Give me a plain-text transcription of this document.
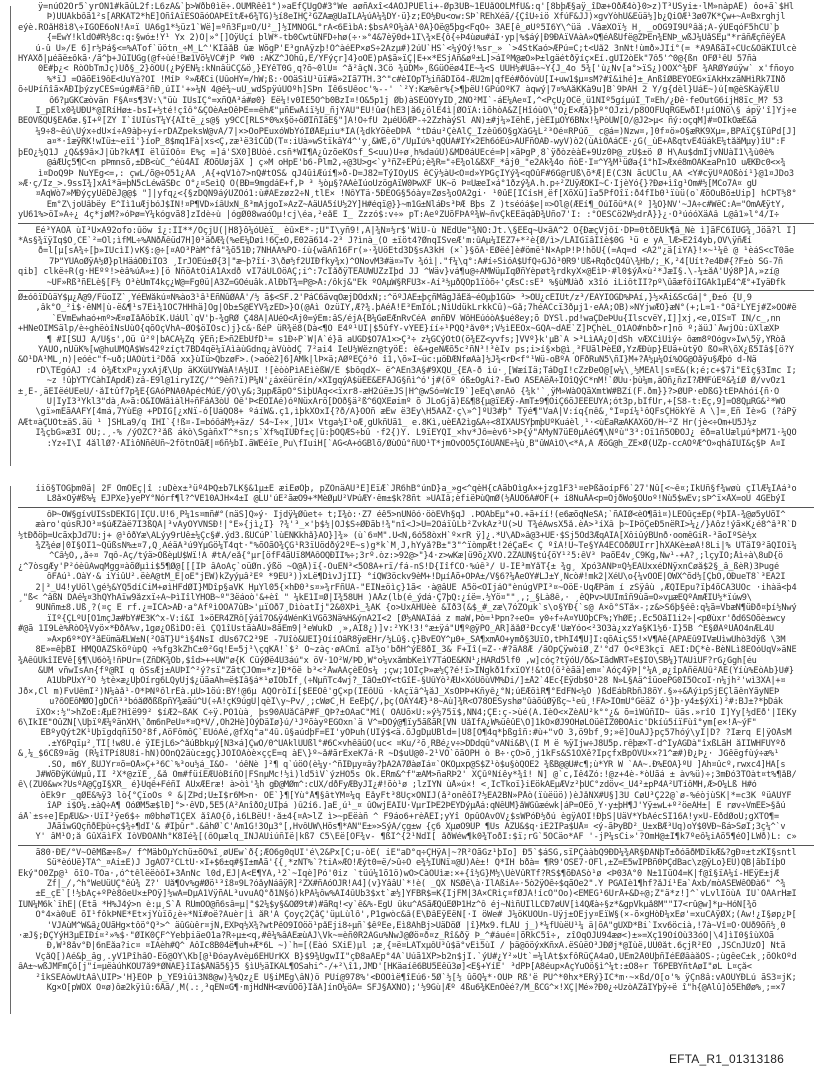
ÿ=núÒ2Ôr5`yrÓÑ1#kãûL2f:L6zA&`þ>Wðb0ìë÷.ÓÚMRêê1°)»aËfÇÜgÖ#3°We aøñAxî<4ÁOJPUÈli+-Øp3ÚB~1ÉÙåÕÔLMfÛ&:q'[8bþÆ§aÿ_îDæ+ÕðÆ4ò}0>z)T³USyi±·lM»nàpÂË) ôo+ã`$Hl
Þ)ÚÜÂkbôã1²s[ÂRKÃT2*hÈ]ÓñîÂïËSÒãóOÁÞÊîtÆ+6¾TG)½í8eÎHÇ²GZAæ@UaILÄ¼úÀ¼¾DY·ü}z;EÒ½Ðu<ow:SÞ`RÈhXéã/{ÇîÚ÷iö XfúF&JJ)×gvÝòhÛ&Ëüä½]b¿QiÒÆ¹3ø07K*Çw+~Â¤Bxrghjl
eýè.RÕåH8ì8\÷IGÕE6oN!Â¤ï ÛÁ6g1*½üz1`Wë]=ºñ3Fµ¤Ò/U²_]½ÎMÑÔGL°rÁ<6ËìbÂ:$bsAºO¼àÂ¹0A}Õë@5þg<FqÔ÷ 3ÄE[ê_øUº5Í6Ý\^üä .VâæXÔï½ H¸ _oÖG9Ì9Ùºâå;À-ýÜÈqóF5hCU`þ
{=ËwÝ!kldO#R½8c:q:§wó±!Ý¹ Yx 2)Ö|»°[]ÒÿÚçí þlW*-tb0CwtüNFD÷hø(÷·»°4&7èÿ0d+1I\¾×È{ô{÷Þ4ùøu#áÌ·yp|%$áý|Ð9ÐÄïVÃàÀ»Q¶éÃßÙfë@ZÞÊn¾ÉÑÞ_wßJ¼ÛåSÉµ"*râñÆçñëýÈÁ
ú-û U»/Ë 6]r½Þá§<=%ATof`üötn_÷M_L^'KÍãåB ûæ WõgP'É³gnÂÿzþ!Ó^àéËP×øS÷2Ázµ#)2úÜ`HS`<¼ýÕý!%sr_» `>4StKaó>ÆPú=C;t<Üå2 3nÑt!ùmð»JÍí°(= *Ä9ÅßãÏ÷CÛc&OäKIÚlcè
HÝÃXð|µéãë±ôkã·/ã^þ+JûÌÚGg(@f÷ùé!Bæ1Võ¼VC#jP ºW0 :ÄKZ^JÖhû,Ë/ÝFýçr]4}oÖE)pÀ$ã»ïÇ|É+×*ESjÄñ&øº±L]>áÏºM@æÖ»Þ±lgäétðÿíç×Eí.gUI2òÈk"7ô5'^0@{ßn OFØ¹êÙ 57ñà
0Ë#þ¿< RòÒbTmJç)Uð§_2}ôÔÜ(¿ÞýÈÑ¼:kNnâüCÇ&ö¸}ËÝêT0G¸q?õ~0lÛ¤ ^å²âçÑ.3Cö ¾üDM»¸ßGüÔëø4ÍË~¾<S ÛÛH½#Ùã÷~Ý{J_4o 5¾['ù¿Ñv[a°>ïS¿)ÔÕX^¾ÐF ¾ÄRØÝøúÿw` x'fñoyo
%*ïJ =ÒâõEì9ôÉ<ÛuÝà?ÖI !MíÞ º»ÆÆCi(ÙûoHY=/hW;ß:·ÒÕäSìÙ¹üï#ã»2Îã7TH.3^"c#èIÔpT½iñãDÏö4-ÆÛ2m|qfÈé#ðóvùÛ[Ï+uw1$µ¤sM?#î&ìhé]±_ÀnßîØBÉYÖËG×ïAkHxzãÑHìRk7ÌÑð
õ÷UÞíñîã×ÅÐÎþýzyCÊS=úg#Æã²ñÐ¸úÍÍ'+»¼N 4@é¾~uU_wdSpÿúÜÕºh]SÞn Íê6sÚêoc'%--' `²Y:Kæ%êr%{>¶þëÙ!GPúÔºK7 àqwý|7¤%ÄåKKà9u]B`9ÞÄH 2 Y/g{dèl}UáÊ~)ú[m@èSKàÿÆlÜ
ô6?µGKCæòvän F§Á¤s¶3V:\"üù ÌÜsIÇ°=xñQÁ³á#ø0} Eë¼!v0ÏÊ5Ó^b0BzÎ¤!O&5p1j Øb)àSÉûÖÝyÏD¸2ÑÕ²MÍ`-áÉ¼Ãe¤Í,^<PçÛ¿ÓCë¸ü1NÏº5gíµúÎ_T¤Éh/¿Ðê·feÖutG6íjH8ïc_M? 53
Î_pÈlx0¾UÐÜ*@ÏRíHø±-bsI+½té!çîô°&ÇÓèÂ±ÕêÞÊ==êhÆ"µñÈwÅíï½Ù_ñjYÀÙ"ÉÜ!ûø(hÉ3|å6¿ölÊ4ì|ØOïÁ:ìõhòÁ&Z[HîóùÒ\"O¿È×Æå}þº°ÖJzì/p8ÖOFUqRGÊwðÎ!µíÓNö\§ ápÿ'î]Yj÷e
BÉÒVßQÜ§ÉÂ6æ.§Í+º[ZY I`îÛÌùsT¼Ý{ÁÎtë_¿s@§ y9CC[RLS*0%x§ö÷öØÌñÍãÊ§"]Ã!Ò÷fÜ 2µéÛôÆP-÷2ZzhàýSl ÄÑ)±#j¼»IëhE,jèEIµOY6BÑx!¼PòÚW[Ó/@J2>µ< ñý:oçqM]#¤ÒÏkOæÈ&ã
¼9÷8~êú\Ûýx÷dU×í÷Â9àþ÷yí÷rDÄZpeksW@vÄ/7|×>ÖoPÉuxóWbYóÍØÅÈµiu*ÎA(¾dkYöêeDÞÅ °tDáu²ÇèÂlÇ_Izèû6Õ§gXàG¼L²³Óé¤RPúõ_ c@á=)Nzw¤,]0f¤ö»O§æRK9Xµ=,BPAïÇ§ÏûPd[J]
a¤*·îæÿRK!wÌü±~eïî'}íoP_8$mq1Fà|xs<Ç,zæ¹ë3îCûD(T¤:iÛà»wStïkâÝ4^'y¸&WË,ö"/ÜµÎú%¹qQÜÄ#IY×2Êh6óEú>ÄUFñÔÂÐ-wyV)ò2(ùÃìÖÂáCÈ·¿G(_ùÊ+AßqtvÊ4üákE¼tååMµy)îÛ":F
þËÒ¿½Q1J ¿Q&$9â×J|üb?kÀ¶Î ëlûïÕô¤ É%ç =]á'SX0]BUòé.csñ*WÎ¶À¿ûzõeKÒsf_S<uu)Ù÷ø¸h%daúÜ)&MD0áÚÉcé=Þ|×ãÞgP¸8`ÿðòzèàË+9Üz0Þ@_zÚ$±ö Ø H\Ãu$dmÎjvÑÜàI1\¾ù0è%
@áÆÚç5¶C<n pÞmnsõ,±DB<ùC_^éû4ÅI ÆÖõÙøjãX ] ç»M oHpE'b6-Plm2,÷@3U>g<`y³ñZ÷ÉPú;è¾R="÷E¾ol&ßXF_*âj0_"e2Ak¾4o ñòÊ·I¤^Ý¾M¹üØa{î°hI>Æxé8mÔAK±aPn1Ò uÆKÐc0<×¾
ì¤DoQ9Þ ÑuYËg<=,: çwL/õ@÷Ó51¿ÀÂ ¸Ä{+qV1ò7>nQ#tOS& qJ4ûìÆúí¶»ð-D=J82=TýÏÒyÚS êCÿ½àU<Ö¤d»ÝÞGçÎÝý¾<qÕûF#6G@rÚß\õ*Æ|Ê(C3Ñ ãcUClu¸ÀÃ <Y#cÿÛºÃÔßòí¹}@1¤JDo3
»Æ·ç/Ìz_>.9ssI¾]xÄî*ä=þÑ5cLéwãSÐc Ô°¿¤SeìQ Õ(BÐ=9mgdáE+f,Þ ³ ½òµ§?ÄÁèÏúoÙzögÃïW0ÞwXF ÛK~ö Þ¤ÜæeÏ×á°1ðzý¾Ã.h.p÷²ZÜÿÆÖKÎ~C·ÍjèÝó{}?Ðø+ìîg¹Öm#½[MCo7Ã¤ gÚ
¤ÅqWò7»MÐýçyÚëDëJ@@$ "]|yfq¿<{§zDQN9áýÙZÕó1:ù#ÁÊzøz2÷Ñ¸tlÊ× !ÑôYTä·5ÐÊOG§5óày¤Zøs¾oÔÂ2gi· ¹0ûE[ICísH¸ëf[XõXü]ïa5PfÕîï:ð4fÌb0¹ïùü(o`ÆõÔuBõ±Üip] hCÞT½8°
Em°Z\joÛâbëy Ê^Îì1uÆjbóJ$ÌN!¤P¶VD»íâUxN_ß³mAjgoÎ»ÂzZ~ÂäUÀ5íU½2Ý]H#éqï@}}~m1G±ÑláÐs³ÞÆ Bþs Z )tséóá$e|¤>Õl@(ÆÈí¶_ÒúÍõû*À(º ]¾Ò}NV'~JÄ÷c#WëC:Ã="ÕmÃÆÿtÝ,
yÜ61%>öÍ»Â÷¿ 4ç*jøM?»óÞø=Ý¼kógvã8]zÌdè÷ù |ógØ08waóÖµ!cj\éa,²eåE I_ Zzzó$:v÷» pT:ÂeºZÙõFÞÁº¾W~ñvÇkÈÊäqâÐ¾Üño7'I: :°ÒÊSCö2W½drÅ}}¿·Ó³úóóXäÃâ L@â1»l°4/Ï÷
Êé³ÝÁÒÅ ùÍ³Ù×A92ofo:ûöw î¿:IÏ**/ÔçjÚ(|H8}ô¼óÜèï_ èû×Ê*-;Ú"I\yñ9!,A|¾Ñ¤½r$'WìÚ-ù NÉdÜe"¾ÑÔ:Jt.\§ËÈq~Ù×âÁ^2 Ó{ÐæçVjôí·DÞ=0tðÉÚk¶â_Ñè ì]ãFC6ÌUG¾¸Jöã?l Ï]
*As§¾ïÿÍq$O¸CÊ`²=Ôl;ìfML÷%ÅNðÅêüd7H]0³äðÆ¾(%eÈ¼Døì!6Ç±Ò,Ê02ä614-2³ J?ìnà_(Ó ±ïöt4?ØnqÎSveÆ'm:ûAµ¼ÌÉZ7+*²è{Ø/ì>/LÅIGïâÌîè$0G ¹ü e yÄ_lÆ>È2î4yb,ÒV\ÿñÆí
ð=l[µ[sÂ¾÷[þ»ÎÚcìÍ)vK§:@÷[¤ÂÕ³PàM^fâ"¾õ51Ð;7NHÀÃ%PÕ-íù{wãÃñ16Fr(»·¾ÛöÊtd3D§sÁ3kH (×`}§õÁ·ÊØëé]è#ömë¹Ñ×ÃpÞ!Þ!hõU{(=Ãq=d <A2"¿ä[iÝÂ}!×~¹¼ê @ ¹èáS<cT0ãe
7Þ"ÝÙÀoØÿÁ½Ø}plHäáÔÐiÎÖ3 ¸IrJÒEú±Ø{3|"æ~þ?îí·3\ðø½f2ÙÏÐfky¾x)^ÓNovM3#ä¤»Tv ¾óì|."f¼\q°:A#í÷SìóÄ$ÙfQ÷GJô³0R9'Uß+RqðcQ4û\¾Hb/;_K,²4[Üít?e4Ð#{?F±ò SG-7ñ
qib] clkë÷R(g·HÈºº!>èâ%úÅ»±)[ö NñöÄtÒiÀ1Âxdð vÏ7áÙLÔöAÇ;i^:7cÎåðÿTÈÅÙWUZzÎþd JJ ^Wäv}vá¶u@÷ÁMWüµIqØñYèpøt¾rdkyX×@ËìÞ·#l0$ýÅ×ù²*JæÍ§.\-¼±åÄ'Ùý8P]Â,»zí@
~ÛF»Rß³ñÊLè§[F½ Ó³èÛmT4kç¿W@=Fg0ü|À3Z=GÓéuâk.ÄlÐbT¾=P@>Å:/ôkj&"Ek ºÖAµW§RFÛ3×-Àí³½µðQOp1ïòõ÷'çÆsC:sE³ %§ùMÚàð x3îó iLiôtÍÍ?pº\ûãæfôíIGÂk1µE4^Æ°+ÏyäÐfk
Ø±óôïDûäÝ$µ¿Å@9/FüoÏZ`¸YéÊWåkú¤Ñ%ào3¹â¹ÈñNûØÀÅ'/½ ã$<SF.2'PáC6ävqOæjDÒdxÑ;:^öºJAÉ±þçñMâgJåËå~éÒµþ1Gû> ³>ÓÛ¿cËÎUt/z³/ËÄÝÍOGD%ÞÂí,}½×Åi&ScGá|°¸Ð±ó {Ü¸9
,âk°Ò_²ì$·êNM|ù-ë&¶¹s7Eì¾1ÒC7HHhä]Og|Ôb±S@ÉÝV¾zÊD>}Ò(@Âì ÕzüÏY,Æ?¾.þÂéÅ!Ë³ÉmÌóL;NìÛdükLrkkCû)~Gå;7héACcï3ðµj1·eÄÃ;ÓB)»NÝjwÆÒ}æN°(+;L=1·°Òã²LYÈj#Z»ÖÕ#ë
`ÉVmÈwhaó+mº>Æ¤øÌåÅöbîK.ÙáÜl`qV'þ-¾gRØ Ç48Á|ÄUéÔ<Åj0=ýÊm:âS/éjÀ{B¼GøÈÆnRvCéÀ ønñÐV WôHÈúóòÃ$ué8ey;õ DYSl.pd!waÇDeÞÚu{ÌlscvëY,Î]]xj,<e,ÖÎS¤T IN/c_,nn
+HÑeÕÎMSälp/è÷ghëòîÑsÜùÓ{qõÕçVhÃ~ØÖ$öÎÔsc)j}c&·ßéP üR¾ë8(Dà<¶Ô É4º¹ÚÍ|$5ûfY-vYÈÊ}íí÷¹PQQ³åv0*;V½ìÉÊÖx~GQÄ~dÃÉ`Z]ÞÇhèL_O1ÄÕ#nbð>r]nö º;åüJ`ÅwjOù:ûXlæXÞ
¶ #Ì[SÛJ Ä/Ù§s',Óü û²º|bACÁ¼Zq ÿËñ;Ê>ñ2ÈbÛfD¹= s1Ð÷P`W|A`é}ã aÙGD$Ó7Á1×>Ç³÷ z¼GCýÔtO(ö¾EZ<yvfs;]VVº}k'µB`Â >³LìÂÄ¿Ö|dSh vÆXCìUìý÷ ôæm8ºÓógv»Iw\5ÿ,ÝRòå
YAÙÕ,nÙüK%[w@huÛMQÅ$Ws42ºzíçt7BD4që¼ïÂìàùGdnq¿àVùòdÇ 7²ai4 ÏeÚ½Wëzn@työE: è&+geNÆõ5c²ñN³!³èÏv ps;i>í§×b@ì¸³FÙãlÞèËØ,ÝzÆÐùp}ÉÚä+ùtÿÒ ßÒ»R\õX¿ß5Iâ$[ö?Y
&Ò¹DÃ¹ML¸n)|eóéc"f~uð;ÚAÓùtì²Dðã xx}ùIü>QbzøF>.(>aóè2]6]ÂMk|lÞ×ä;ÃØºÊÇó³ó î1,\õ»Ï~üc:µöÐÆNføÂà]½J¾<rÐ<f°¹Wü-oBºÁ ÖFðRuN5\ñI}M+?Å½µ¼Ôí%ÖG@Ôåÿu§Æþó d-Ñä
rD\TEgóÃJ :4 ò¾ÆtxP¤¿yxÄjÆ\Úp äKXüÜÝWàÅ!Ä½ÛÌ ![èòòPìÃÊìèßW/É $bôqdX~ ë^ÂËn3Á§#9XQÛ_{ÉA-ð ìú·¸[WæíÏä;TáDgÍ!cZzÐeÔ@[w¼\¸½MÊÃl|s¤E&(k;é;c+$7i"Èîç§3Ímc Í;
~z !ûþÝTÝCàhÌÂpdÆ)zâ-Ë9l@1iryIZÇ/°^9èñ?ï)P¼Ñ'¿áxëürëín/×XIgqýÀ$üËË&ÊFÀJG§ñì^ó'j#(õº óß±OgÄi?-EwÓ ÀSÊÄëÅ÷ÌÕîQýC*nM!`ØUu·þù¼m,âÓñ¿ñzÌ?ÆMFúÉº&¾íØ Ø/vvÒz1
±¸Ë-¸äËÌëéUËeÜ/·åÎtûf7p¾Ê{GÃóPNÀ0ÃpécMúÊ/ýO\y&;3µpÆãpÖ°SìþUÅq<<ïxr8-æH2úë±JS|H^@wSó=WcI9`]eÊq\ønAô {¾k'`¸ÿM»WàÒQãXmtW#BZí(F.ðm}}?>ØÛP·eDßG}tEÞÃhóí{ñ·Ô
Ù|ÎyÍ3³Ýkl3"dà¸Â»ã:Õ&ÏOWâìàlH÷ñFáÃ3òÚ Õê'Þ<ÈÕÏAé)óºNüxArö[DÕð§ä²ß^6QXËøimº õ JLoGjã)E&¶8{µ@ïEÆÿ-AmT±9¶ÖiÇ6õJÉËËUÝÃ;ót3p,bÍfÙr,+[S8-t:Eç,9]=O8QµRG&²*WO
\gï»mËãAÃFÝ[4má,7ÝùE@ +PDÌG[¿xNï-ó[ÜáQÒ8+ ºáíW&.ç1,ìþkXÖxÏ{?ð/Ã}ÓÓñ æÊw ë3Ey\H5ÀÃZ·ç\»^]ºÙ3#þ" Tÿé¶"VaÀ|V:íq{nê&¸°Î¤pí¼¹ôQFsÇHökÝë À \]=¸Ëñ Iè»G (?áPÿ
ÂÆt¤àÇÙÓt±äS.ãü ¹ ]SHLa9/q IHÌ`{!ß¤-Ì=bóôáM½+äz/ S4~Î÷×¸]Û1× Vtga½Î¹oÆ¸gÛkñÚã1_ e.8Kì,uèËÅ2ìg&Â÷<8ÌXÄÜSYþmþUºKuáèl¸¹·<ùEaRæÃKÄXöÕ/H~²Z Hr(jè<÷Óm+Ü5J½z
Î¾çbG»æ3I ÔÜ;.¸-% /ýÓZC?²åß ákò\SgàñxT^*sn;s`Xf%qÌÙÐf±ç|ü:þÕQÆS÷bû ·f2{)Ý. L9ïÈYQÌ_×hv*Jô=èv6¹>Þ{ý"ÃMyÑ7üÊ0µÀéG¶\Ñºù"3³:Òï1ñ5ÓÐÕJ¿ ëð=alÚælµú*þM71·¼QÒ
:Yz÷Î\Ì 4ållØ?·ÅÌìôNñêÛñ~2fötnOãÆ|¤6ñ½bÌ.ãWÊéïe¸Pu\fÏuiH[`ÂG<Â+óGBlõ/ØùÖû°ñÚO¹T*jmÖvÕÓ5ÇIóÜÅÑÈ÷¼ù¸B"ûWÀìÒ\<*Â,Ã ÆöG@h_ZÉ×Ø(UZp-ccÂÖºÆ^Ô»qháÏÚÍ&ç§Þ Á¤Í
íiö§TÔGþm0ä| 2F ÓmÔÈç|î :uDèx±³üº4ÞQ±b7LK§&1µ±Ë æiEøÔþ, pZOnäÄÚ³É]ËïÆ`JR6hB°únD}a_»g<^qèH{cAãbÕìgÁ×+jzg1F3¹¤eÞßåoípF6`27'Nû[<~ê¤;ÎkÛñ§f¾wøù çÍlÆ¼ÏAá³o
L8å×Öÿ#ß%¼ ËJPXe}yePY°Ñórf¶l?^VÉ10ÀJH×4±Î @LÚ'úE²ãæÓ9+*MèØµÛ²VÞúÆY·êm±$k?8ñt »ÚÁÌâ;èfiëÞùQmØ(½ÅÙÒ6Â#ÒF(+ í8NuÅÄ<p=ÒjðWo§ÖÙoº!Nù5$wÈv;sÞ^ï×ÅX=oU 4GÈbýÎ
ôÞ~ÓW§gívUISsDÈKÎG|ÎÇU.Û!6¸P¼1s¤mñ#°(näS]Q»ý· Ìjdÿ¼Øûet÷ t;Ï¾ò:·Z7 éê5>nÜÑôó·öòÈVh§qJ .ÞÒÀbEµ°+Õ.+ã+íí!(e6æõqÑeSÄ;`ñÄÏØ<èÒ¶ãì¤)LEOûç±Êp(ºþIÅ-¾@ø5yÛõI^
æàro'qúsRJÕ³¤$úÆZàë7Ï3ßQA|³vAyÓÝVÑSÐ!|°É»{jì¿I} ?¾'³_×'þ$½|ÓJ$S÷ØÐãb!¾"nî<J>Û=2ÔáïûLb²ZvkÁz³Ù(>Û T¾éÃwsX5å.èÂ>³íXâ þ~ÏÞöÇeÐ5nëRI>¼¿/}Àôz!ýã×K¿é8^â³R`D
½tÐðöþ=UcãxþJd7Ú:j+ @¹ôðYæ\ALýy9rUê±¼Çc§#.ýd3.ßÛCúP`lùÊNKkhå}ÂÔ}]¾» (ù`6¤M".Û<N,6ó58òxH`º×rR ÿ]¿.*Ù\ÂD»â@3+ÜÈ·$Sj5Ód3ÆqAÌA[XôiûýBÙnð·oomêGiR-³ãoÎºSè½x
¾Z¾éø|0Í§OÏ1~QüßsN%±¤7,Q¸AéäA³ú9YµGö¼T4qt·"%õÕãÖ¾ÇG¹R3ïÚödðý2ºÈ~s)g*k`M¸J,hYyå?B±"3"^ïòmpÆt!2éÇaE< Ç ºîÂ!Ù~Te§ÝÁ4ÈCOðØÜÌrr]hXÂKè±øÁ!8Li|% UTäI9²ãQÏÕï¼
^Câ½Ó,,å÷¤ 7qô-Äç/týä>ÒßèµÜ$Wï!Ã #tÀ/eå{°µr[öfF4ãÜï8MÄôÔQÐÎI%÷;3rº.òz:>92@>"}4·z>wKæ|ü9õ¿XVÒ.2ZAUN§tú{öY¹²5:êV³ ÞaõË4v¸C9Kg,Nw¹-+Ã?¸;lçyÏÔ;Åì÷à\8uD{ö
¿^7òsgÆy'P²óèûÁwqMgg¤àõØµìi$5¶Ø@[[[IÞ âÄoÃç`oüØn.ýßö ~Ò@Å)ï{-ÔuEN³<5Ö8Ã+rï/fá-nS!D{ÌîfCÖ·%úê³/ U-ÌÈ³mYåT{± ¾g¸ Xpó3ÄNÞ¤Q½ÊÁÛxxéDÑÿxnCøå$2§_â_ßèR)3Þugé
ôFÁú¹.ÔàÝ·& iÝiûÚ².ëèA@tM_E|oÉ"jÊW)kZyýµâ²Éº *9ÊÙ³))xLë¶DìvJjÏÍ} °íQW3öckv9èM+!DµíÅõ+ÔÞA±/V§6?¼ÅeÕÝ#LJ±Y¸Ñcò#!mk2|XéÜ\o{¼vOÒÊ|ÖWX^õd½[ÇbÖ,ÓÐueT8`³ÈÄ2Í
2|³_Ù4!yÚöl\gé½&YQ5díCiM+øìHFdØÌ}MDîp§aVK HµÝl05{×hÐ0³s¤»¾rFñÛÁ-"ËÍÑ±öìç}1ã< ·à@âÜË Ä5ö<OÍjáO"ènúgVPÌ³¤~ÒöÊ·ÚqÆPâm í zSÿâù ,ÆQÌËpu?ïþ4õCÄ3ÛOc ·ihàä<þ4
¸"ß< ^âßN DÂé¼¤3hQÝhÁïw9åzxï÷Ä~ÞìÍîlYHÔB~º"3ëáoò'&+èî " ¼kÉ1I¤Ø|Í¾58ÙH )ÄÅz(lb(é_ýdá·Ç7þQ:¿íë=.½Yö¤""¸,;_§Là8ê,· ¸êQÞv>ÚÙÍmîñ9ùã=Õ»vµæEQºÁmÆÍÛ½*ïúw9\
9ÛÑñm±8.Úß¸?(¤ç È rf.¿=ÏCÃ>ÃÐ·a°ÂfºìOÒÀ7ûB>'µïOð7¸DìòatÌj"2&0XÞì_¾ÃK {o>ÚxAHÛèè &Íð3(&$_#_zæ\7óZÖµk`s\o§ÝÐ{`s@ Â×ô°STå×-;z&>S6þ§éê:q¼ã=VbæÑ¶üÐð¤þí½Ñwý
ïIº{ÇLºÛ[Ö1mçJæ#bÝ#É3K^x-V:í&Ì 1»öÊR4ZRô[ÿáî7Ò&ÿ4WénKìVGõ3Nä%H&ýnÂ2Ì<2 [Ø½ÀÑÁIáá z maW,Þò=¹Þpn?÷eÖ= y0÷f÷Â¤ÝUÖþCF%;YhØE;.Êc5ÖåÍ1i2÷|<pØùxr'ðd6SÓõè±wcy
#@ã 1I9Lè%RòÔ¾Vyö×*ÐðA%v,1gø¿ÖßìDÔ:ëì ÇQ1îÜstãàÅU»8ãÉm9|³eWukD ¸»,AÌ8¿)]v:²YK!3!°æ±ÿá"Û¶º@ÿPO_ÄR]ååØ²ÐccyÆ'UæYóo<²3Ó3à¿xzYa§K1½6·Ï}5B ^Ë§ØÁºÙÅÒ4nÆL4Û
»Â×p6º*OÝ³åËümäÆLW±N(²ÔâT}Û°ì§4ÑsÎ dÚs67C2³9È -7Úîò&ÚEÌ}ÖííÒâR8ÿøËHr/½Lû§.ç}BvÉÓÝ^µ0+_SÄ¶xmÅÓ+ymð§3ÜïÓ,tÞhÎ4¶Ú]Ì:qõÄiçS5!×V¶Äê{ÃPÁÈû9ÏVæÜìwÛhò3dÿß \3M
8É»=êþBÍ HMQÕÄZSköºùpQ ÷%fg3kZhC±0²Gq!É=5j¹\çqKÅ!`$² O~zàç·øÄCmî aÌ½o'bðH^ýÉ8ðI_3& F+Ïî(=Z-·#?äÃ8Æ /ãÕpÇÿwòiØ¸Z'°d7 Õ<ºË3kçï ÁÈÏ:DÇ*è-BèNLì8ÈÔóÜqV»äÑÉ
¾ÄêûÛkîIÊVê[§¶\Ú6ò¾!ñÞÜr=(ZñDK¾Òb,$îd>+÷ÜW"ø{K CüýØë4Ü3áú"x öV·1Ô²W/ÞD¸W°o¼vxåmbKeìÝ7TáÕÈ&KÑ¹¿HÀRd5lf0 ,w]cóç?tÿóÜ/ð&>IâdWRT÷Ë$ÏÖ\SB¼}TÁÚìÙF?rG¿Ggh[éu
&ÛM vñwÌsÄn{fº@RÎ q ôSsÆj±ÂÜÞÌ^²ý?sï"ZãtÇJOm=*z]Ð*õë b³<²ÅwÀAçèÊOs¼ ;çw;1ÔÌçÞ»æ½Ç?é!ï>ÍNgkð1fxïÒY!&tÓ(ö²èãä]em¤`Äóç4ÿÞ|°¼À¸ø¿îpÄñëÀÜû²ÅÉ(Yíù%ÉòÀb}Ú#}
Ã1ÙbPÜxÝ³Ö ½tè×æ¿ÙþÔírg6LQyÛj$¿üãaÀh=ë$Îâ§á*¹øÌObIf¸(÷NµñTc4wj?_ÎâÓ±ÕY<tGîË-§ÙûYò²ÆU×XóÚôùVM%Di/]±Å2`4Êc{Éÿdb$Ò¹28 N»L§Áä^îüoePG0Ì5OcoÏ·n¼jh²'wì3XÀ|+¤
Jð×,Cl m)FvÚêmÎ²)N¼àå¹-Õ*ÞÑºôlrËà.µÙ>1öú:BY!@6µ ÀQÖròÎí[$ÉËÓê'gÇ×p(ÎÊôÙü ·kÃçïâ^¼åJ_XsÓÞÞ+Kñyê¿°Ñ;úEÆöìR¶°EdFN<¼Ò )ßdÈábRbñJ8õÝ.§»÷&ÅýìpSjÊÇlãênÝãyNÉÞ
u?ôÔÉôMØÔ]gDCñ³³bóåØðßßpñY¾æãú^Ù(÷Å!çK9úgU|qèI\y~Pv/¸;cWøC¸H ÊeEþÇ/,þç(OÃY4Æ}³8~Äù]¾R<Õ78ÖESyshø"ûàõúØÿßç~¹eû¸!FÁ>ÍÔmÜ°GëäZ ó¹}þ·y4±$ýXi)²#:BJ±?*þDák
ïXO×:½">hZoÊ:ÆµÊ?Hîë99² $íÆ2~ßÀK C÷ÿ.PÔ1ùà¸ þs90AÛåCâP#F_QÞ?±ÔÄaC"Mî( ÕÁÜõ×Û:»ý½75ï$,NN4;ÇÊ:ç->ùé(A.ÍèÖ<×ZèÄÚ²k°°¿& õ=ìWûñÏD~ üãs.»rîÒ Í]Ýy[½dÈð'|ÌÉKy
6\ÎkÍÊ"ÔûZÑ[\ÚþïºÆ¼ºänXH\`ðm6nPeÙ¤*¤Q*V/,Óh2Hè]ÒýDäÌø}ú/¹JºõàyºEGÔxn`ä V^=DÒý@¶ïy5ãßãR[VN ÙåIfA¿W%üêûÈ\Ô]1kÖ×ØJ9ÓHøLÔüêÎZ0ÐOÄic'Dkíú5íïFùî°ym[e×!Å~ýF"
ÉBºyQýt2K¹Ùþïgdqñï5Õ²8f,AöFômôÇ`ÈUóÁé,@fXq"a"4û.û§aúdþF=ÊÎ'yÓÞuh(ÙIý$<ä.õJgDµÚBld=|Ù8[Ó¶4q*þßgîñ:#ù+"vO 3,ö9bf¸9;»ë]ÒuÄJ}pç57hóý\yI|D? ?Ìærq É|ÿÖÅsM
.±Y6Pqïµ²¸TÌ[!w8Ù.é ÿÎÉjL6>^åúBbkµý[Ñ3×á]ÇwÔ/0^ÚÀklÚÜßl°#6C×vhêâüO(uc< ¤Ku/²õ¸RBé¿v÷>DDdqû°vÂÑi&B\(Î M ë %ÿÎjw÷J8Û5p.rêþæ×T-d^ÍyÂGDà"îxßLãH åÍÎWHFÛÝºð
&¸¼_$6Cß9¤äg (R¼îTPí8U8í-hN)ÔÕnQ2äùc±gç}JÔIÔÃòè×ççE=q àE\}º~å#ãrÊxeK7á·R ~D$uÜ@0-2¹VO`öãÒPH ò B÷·çÒ>õ¸j1kFs&S1ÓXê?ÎpçfxBpÔVÛ××?1^æ#)Ð¿Þ¿· JGêëgfùý÷æ%¹
.SÔ, m6Y¸ßUJYr¤õ=ÖÅ»Ç+³6C`%³ou½á_Ï&Ó- 'óêÑè ]²¶ q`úöÔ(è¼y·^ñÌÐµy¤ây?þÀ2A7ØàøIá¤`ÒKÓµxp@S$Z¹ò$u§òQÖÉ2 ¾ßB@@Û#c¶;ù*YR W `ÁÂ~.Ð%ÊÒÃ}ºU ]Äh¤ûcº,rwxc4]HÂ[s
J#WõÐÿKúWµû,ÌÏ ²X*@zïË¸¸&å Õm#füíÉÆÛòBíñO|FSnµMc!½ì)ld5ìV`ýzHÕ5s Ók.ÊRm&^f"æÁM>ñaRÞ2' XÇûºNíêy*¾î! Ñ] @`c,Îê4Zó:!@z+4è-*òÙãá ± àv%ü)÷;3mÐó3TOàt¤t%¶åB/
ê\(ZÚ0&w×?ÜsºÄ@ÇgÍ§XR_ é}Uqê+FéñÎ ÃÚxÆÈræ! à>òì'¾h gÐ@MØm^:cÙX/dðFyÆByJÏ¿#!õò¹ø ;lzÏYN ùÅ»ú×! <¸ÏcTkoï}iÉökAÉµÆVz²þÙC°zdöv<_Ù4²±pP4Â²UTíôMH,Æ>O¼Lß H#ó
òÊk9r _qØË&%ÿ3 lò{°ÇïoÔs º &|ZÞd;U±Î$r6M>n· ÖÈ`}¶[Yù°Å¶§âtÝM¤¼q ÉåyFt³8Üç×ÕNÌJ(å²onêôÌ?½ÊÄ2BÑ»PÅò(ïùëüö))èJåNX#Ù§]3Ü CøÜ³Ç22@`ø-%éòjùSK|*=c3K ºüÂÚÝF
îÁP i$Ö¼.±àQ÷Ã¶ ÖóØM5æ$lÐ]°>·êVD,5E5(Â²ÄnîðÓ¿ÚÎþá )û2í6.]aÊ¸ú¹_¤ ûÔwjEAÎU·VµrÏÞÊ2ÞÉYDýµÅá:qÑêÚM}åWGûæéwk|áP=ÕËö¸Y·y±þH¶J'Ýÿ±wL+º²öeÄH±| É røv÷VmEÊ>§åú
áÅ`±s÷e]ÉpÆÜ&>·ÜïÏ²ÿe6$÷ m0bhøT1ÇÈX åîÂÕ{ô,ì6LBëÚ!·å±4{¤Ã>lZ ì>~pÉëàñ ^ F9áo6+rèÅÈÎ;yÝî ÓpûÖAvÔV¿$sWPóÐ½ðú ègÿÂÕÎ!ÐþS|ÙäV*ÝbAécSÍ16Â!y×U-ËðdØoU;gXTÔ¶=
JÅãîwGQçñðÉþù÷ç$¾÷¶dÎ'& #Ïþûr".&âhØ`C'Ãm1G!3Öµ3°[,HvôÜW\Hõs¶*ÄÑ"E±»>SýA/çg±w {ç6 XµøÓ9ÜP ¶Üs ÄZÙ&$q·iÉ2ÎPa$ÛÅ¤ <ý-ãÞyBD²_Û±xBÆ³Úq)oY$0VÐ~ßá>SøÎ;3ç¼^`v
Ý' âM¹Ô;å GûXäìFX ÌòVÐÓAÑh°K8Ìé¾[(ôÔµælq_ÏÑJÃÙiúñÍë|kß7 C5\Èë[OF¾v- ¶ßÌ^{2¹NdI[ åðWéw¶k0¾ToðÎ:$ï;rG`5ÕCäo*ÂF '-jP¼sCi»'?ÔmH@±I¶k7ºeô¼iÄõ5¶éÖ]LWð)L: c»
ã80·ÐE/°V~ÖêMßæ÷ß»/ f^MäbÒµYchü±õÖ%î¸øÚEw`ð{;ÆÔ6g0qÜÌ'é\2&Px[C;u-òÊ( iE"aD°q÷ÇHÿÀ|~?R²ÖãGz¹þÏo] Ð5`$áSG,sïPÇààbQ9ÐD¼¾ÂR§ÐÀÑþT±ðóãðMDïkÆ&?gÐ¤±tzKI§sntl
Sü*èóÜë}TÀ^_¤Ãi±Ê)J JgÀÔ7²CLtU·×Î+$6±q#§Î±mÅã'{{¸*zÑT%`?tiÄ»ÆÖ!Æýt0=ë/>û÷Õ e¾½ÌUÑï¤@Ù)Àè±! Q*ÏH bðà= ¶R9'ÔSE7·ÕFl,±Z=Ê5wÌPBñ0ÞÇdBac\z@ÿLo}ÈÜ)QB|ãbÏíþO
Eký"Ö0Zp@¹ õîÕ-TÕa·,ó^têlëëòôÍ+3ÅnÑc l0d,ÉJ|À<Ê¶YÃ,¹2`~Iqè]Pó'0iz `tüú¼1õ1ö)wÖ>CàÒÙìæ:×+{î½G}M½\ÜèVûRTf?RS$¶õÐÀSò¹ø <Þ03Á°0 Ñ±1ÎüO4=K|f@î§ïÃ¼í-HÈÿË±jÆ
Zf|_/,^h°WeÚüÙÇ°êú¾ Z?' Uå¶Óv%g#Øö¹³î8¤9L?óåyÑáâÿR]²ZX#ñÄóÕJR!A4](v}YââÚ`*!è( _QX NSØë\à·ÍlAßiA÷·5ò2ÿÔê÷$qãOe2".Ý PGÂÌè1¶hf?åJí¹Éa`Äxb/mòÀSÉWêÔÐà6" ^¾
±E_çÉ`[!½bÄç+ºPè8ôeÚ×±PÖÿ]½wÃ=DµÂ1VÿñÁL³uvuÁQ°ð1Ñ§ó)kPÃ¼ôw%ÄÏ4ûÛb3$xt`æ½]ÝFBR$=K{ÎjFM|3Ä×CRìç¤fØJA!ícÕ"Ôo)<ÉMÉG¹6ÙrÅ+&D÷@;Z"ä*z!]^`vLvlIöùÄ ÌÚ`ÒÀÁrHæÌ
ÎÛÑ¼M6k`ïhÊ|(Etã *H%J4ý>n è:µ¸S`Å RÙmÖÕ@ñ6sâ=µ|"$2¼$y§&ÒØ9t#)#ãRq!<y`ê&%-ÊgÚ ûku^ASãÆQúEØÞ1Hz^ô éj~ÑìñÙÏlLCÐ7øÛV[ì4QÆà÷§z*&gpVkµå8M""Î7<rû@w]*µ~HóÑ[¾õ
Ó°4×à0uÊ õÍ¹fôkÞÑË*Ët×jÝùïõ¿è÷*Nï#oë?Áuèr|ì åR'À Çoyç2ÇåÇ'üµLùlô',P1gwòc&â(É\ÐâËÿÈëÑ[·Í öWe# J¼öKÛÔÛn-Uÿj±ÖÉjy¤ÉïW§(×-õ×gHòÐ¼xÉø'=xuCÂÿØX;(Áw!¿Ï§øp¿Þ[
'VJÃùM^W&â¿ÔÛãHg×tôö°Q³>^ äûGùêr¤jÑ,ÊXÞq½X¾?wtPêÖ9ÌÒöö¹påËji8÷µñ`$êºÉe,Èì8ÁhBj>ÙäDöØ |î}Mx9.fLÅÜ j_)*¼fÙùëÚ¹¼ ä|õÄ"gÚXD*Bi`Îxv6öcià,!7à~Vî¤Õ·ÖUð9õñ½¸0
·æJ§;ÐÇÝýH3µEIÐí¤²»%$·"ØÏK0ÇF^YebþiäeÓ1a?R÷µ±<q,#ê¼%âÄÈæùÂJ\Vk~=èñ0R2ÀGu%NwJ@Øö¤ð¤z_Rî&ðÿ Þ_^#áué¤|õRkC5î÷, zîÕqOJÙ94æø<)±»=Xç19ÒíÒù33óÒ|\4]ìÏ0§îùXÔã
Ð,W³8åv°Ð|6nÈåa?ic¤ ¤IÂèh#Q^ ÄôÌc8B04ë¶uh+Æ*6L ~)`h=[(Ëàó SXiÉ)µl ;æ¸{¤ë¤LÂTxµôÙ³û$ä°vËì5ùÏ / þä@ööýxKñxÄ.ëSûëÒ³JÐØj*@Íùë,ÚÚ0åt.6çjR²EÕ ,JSCnJÚzÖ] Ñtä
VçåQ[)Ãé&þ_âg¸.yV1PîhâÕ-Êö@OÝ\Kb[@¹ÐóayAvèµ6ÉHÜrKX B}$9¾ÙgwIÏ"çÐ8aAÈp°4A`Ûúã1XP>b2n$jÌ.`ýÚ#¿Ý²»Út`=¼lÁt$xfôRüÇÀ4aÔ,ÚEm2Å0ÛþñÍéÈØâàåÕS-;ùgêeC±k¸;õÖkÖºd
âÃ±~wßJMFmÇô[j"í=µëàúhKÖÚ7å9*ØÑÀÈ}îÏá$ÅÑã5§}5 §ìÙ½äÌKÁL¶ÕSahi^-/+²\î1,JMD'[HKäaíê6BÙ5Eêü3ø]<Ë§+ÝíÈ' ³dPÞ[À8éup×ÁçYuÔö§ì^¼t:±Ö8÷r T6PËBÝñtÂøÌ"øL L¤çå<
²îkSEÂòwÚtÄâ\ÛÏP>'H}ÈÖÞ þ_YÉ9ìûì3Ñ8@w)¾%Qz¿Ê Ù§iMÊg\âN)ö PÚí@978%'<ÐÒÕìë¶îÊú6·5Ø`½[½ ûõQ¼*·OÚÞ Rß'ë PÙ^*0hx*ÉRý}ÎC*m·~×ßd/Ö[o'% ÿÇn8â:vÂÖÜYÐLú ãS3¤jK;
Kg×Ó[pWÔX Ô¤ø)ôæ2kÿìû:6Åã/¸M(.:¸³qEN¤G¶·mjHdÑH<ævûOõ}ÍåÁ]ínÕ¼öA= SFJ§ÅXNÒ);'½9Gù|Æº 4ßu6¾KÈnOèé?/M_ßCG^×!XÇ|Mé»?Ð0¿÷ÚzòÄZâÌÝþÿ÷ë î"h{@Älû]ò5ÈhØø%¸;=×7
EFTA_R1_01313186
